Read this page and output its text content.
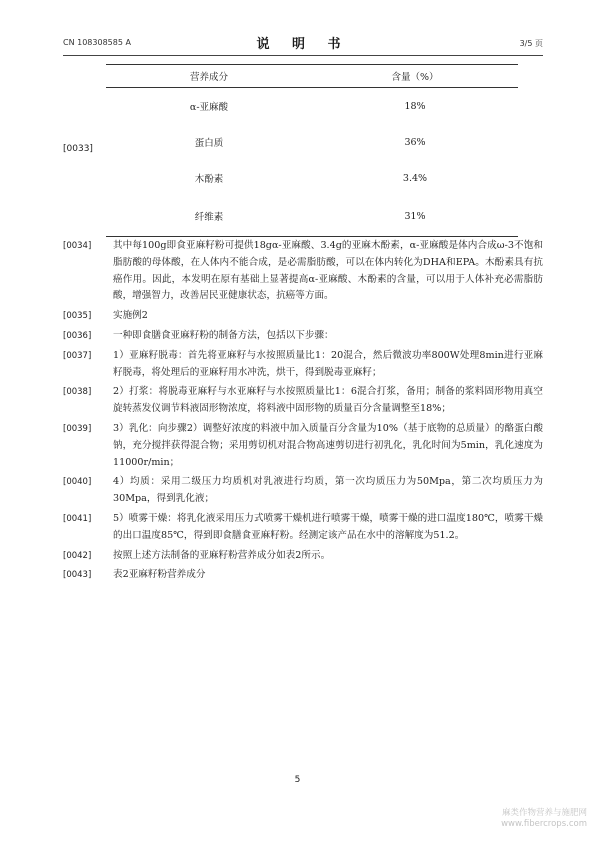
CN 108308585 A	说 明 书	3/5 页
[0033]
营养成分	含量（%）
α-亚麻酸	18%
蛋白质	36%
木酚素	3.4%
纤维素	31%
[0034] 其中每100g即食亚麻籽粉可提供18gα-亚麻酸、3.4g的亚麻木酚素，α-亚麻酸是体内合成ω-3不饱和脂肪酸的母体酸，在人体内不能合成，是必需脂肪酸，可以在体内转化为DHA和EPA。木酚素具有抗癌作用。因此，本发明在原有基础上显著提高α-亚麻酸、木酚素的含量，可以用于人体补充必需脂肪酸，增强智力，改善居民亚健康状态，抗癌等方面。
[0035] 实施例2
[0036] 一种即食膳食亚麻籽粉的制备方法，包括以下步骤：
[0037] 1）亚麻籽脱毒：首先将亚麻籽与水按照质量比1：20混合，然后微波功率800W处理8min进行亚麻籽脱毒，将处理后的亚麻籽用水冲洗，烘干，得到脱毒亚麻籽；
[0038] 2）打浆：将脱毒亚麻籽与水亚麻籽与水按照质量比1：6混合打浆，备用；制备的浆料固形物用真空旋转蒸发仪调节料液固形物浓度，将料液中固形物的质量百分含量调整至18%；
[0039] 3）乳化：向步骤2）调整好浓度的料液中加入质量百分含量为10%（基于底物的总质量）的酪蛋白酸钠，充分搅拌获得混合物；采用剪切机对混合物高速剪切进行初乳化，乳化时间为5min，乳化速度为11000r/min；
[0040] 4）均质：采用二级压力均质机对乳液进行均质，第一次均质压力为50Mpa，第二次均质压力为30Mpa，得到乳化液；
[0041] 5）喷雾干燥：将乳化液采用压力式喷雾干燥机进行喷雾干燥，喷雾干燥的进口温度180℃，喷雾干燥的出口温度85℃，得到即食膳食亚麻籽粉。经测定该产品在水中的溶解度为51.2。
[0042] 按照上述方法制备的亚麻籽粉营养成分如表2所示。
[0043] 表2亚麻籽粉营养成分
5
麻类作物营养与施肥网
www.fibercrops.com
